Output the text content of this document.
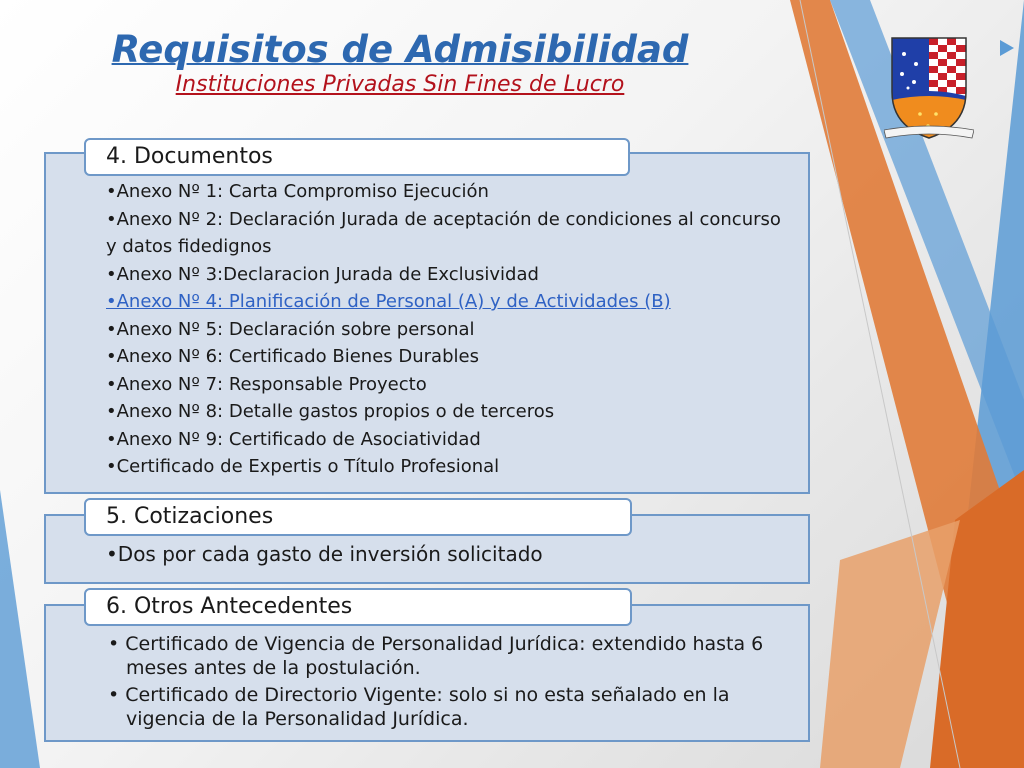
Requisitos de Admisibilidad
Instituciones Privadas Sin Fines de Lucro
•Anexo Nº 1: Carta Compromiso Ejecución
•Anexo Nº 2: Declaración Jurada de aceptación de condiciones al concurso y datos fidedignos
•Anexo Nº 3:Declaracion Jurada de Exclusividad
•Anexo Nº 4: Planificación de Personal (A) y de Actividades (B)
•Anexo Nº 5: Declaración sobre personal
•Anexo Nº 6: Certificado Bienes Durables
•Anexo Nº 7: Responsable Proyecto
•Anexo Nº 8: Detalle gastos propios o de terceros
•Anexo Nº 9: Certificado de Asociatividad
•Certificado de Expertis o Título Profesional
4. Documentos
•Dos por cada gasto de inversión solicitado
5. Cotizaciones
• Certificado de Vigencia de Personalidad Jurídica: extendido hasta 6 meses antes de la postulación.
• Certificado de Directorio Vigente: solo si no esta señalado en la vigencia de la Personalidad Jurídica.
6. Otros Antecedentes
